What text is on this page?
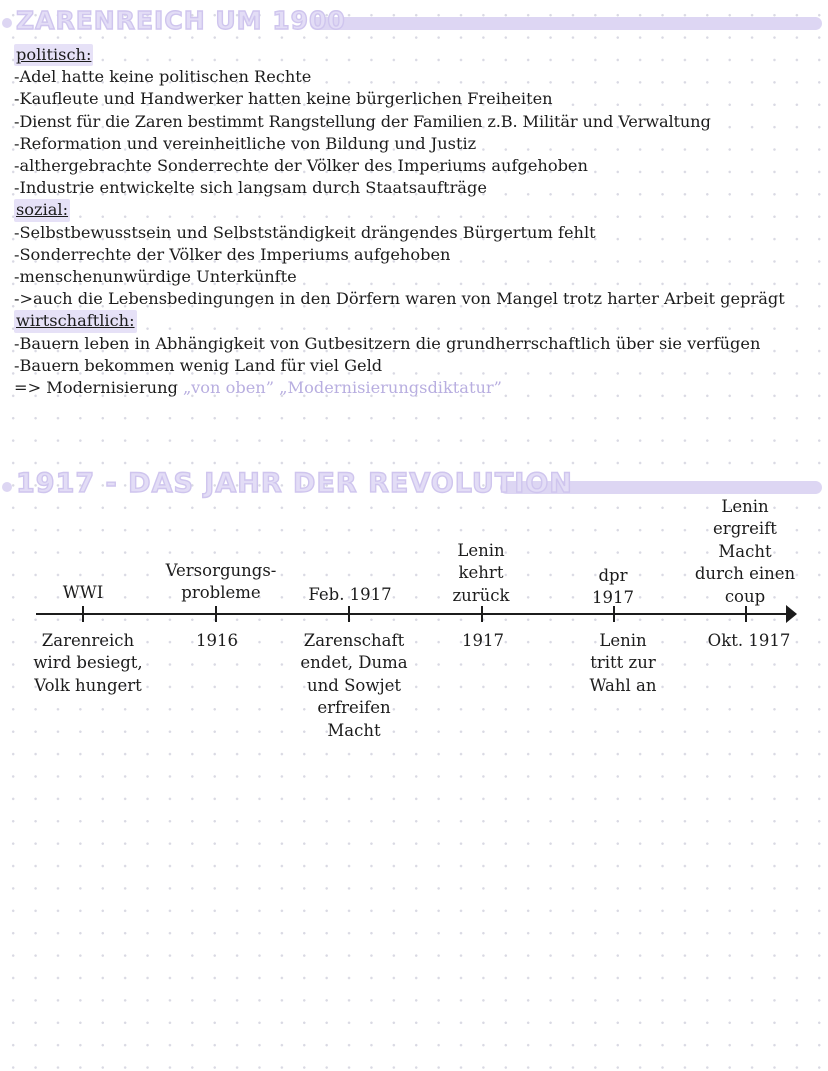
ZARENREICH UM 1900
politisch:
-Adel hatte keine politischen Rechte
-Kaufleute und Handwerker hatten keine bürgerlichen Freiheiten
-Dienst für die Zaren bestimmt Rangstellung der Familien z.B. Militär und Verwaltung
-Reformation und vereinheitliche von Bildung und Justiz
-althergebrachte Sonderrechte der Völker des Imperiums aufgehoben
-Industrie entwickelte sich langsam durch Staatsaufträge
sozial:
-Selbstbewusstsein und Selbstständigkeit drängendes Bürgertum fehlt
-Sonderrechte der Völker des Imperiums aufgehoben
-menschenunwürdige Unterkünfte
->auch die Lebensbedingungen in den Dörfern waren von Mangel trotz harter Arbeit geprägt
wirtschaftlich:
-Bauern leben in Abhängigkeit von Gutbesitzern die grundherrschaftlich über sie verfügen
-Bauern bekommen wenig Land für viel Geld
=> Modernisierung „von oben” „Modernisierungsdiktatur”
1917 - DAS JAHR DER REVOLUTION
WWI
Versorgungs-
probleme	Feb. 1917
Lenin
kehrt
zurück
dpr
1917
Lenin
ergreift
Macht
durch einen
coup
Zarenreich
wird besiegt,
Volk hungert
1916	Zarenschaft
endet, Duma
und Sowjet
erfreifen
Macht
1917	Lenin
tritt zur
Wahl an
Okt. 1917
